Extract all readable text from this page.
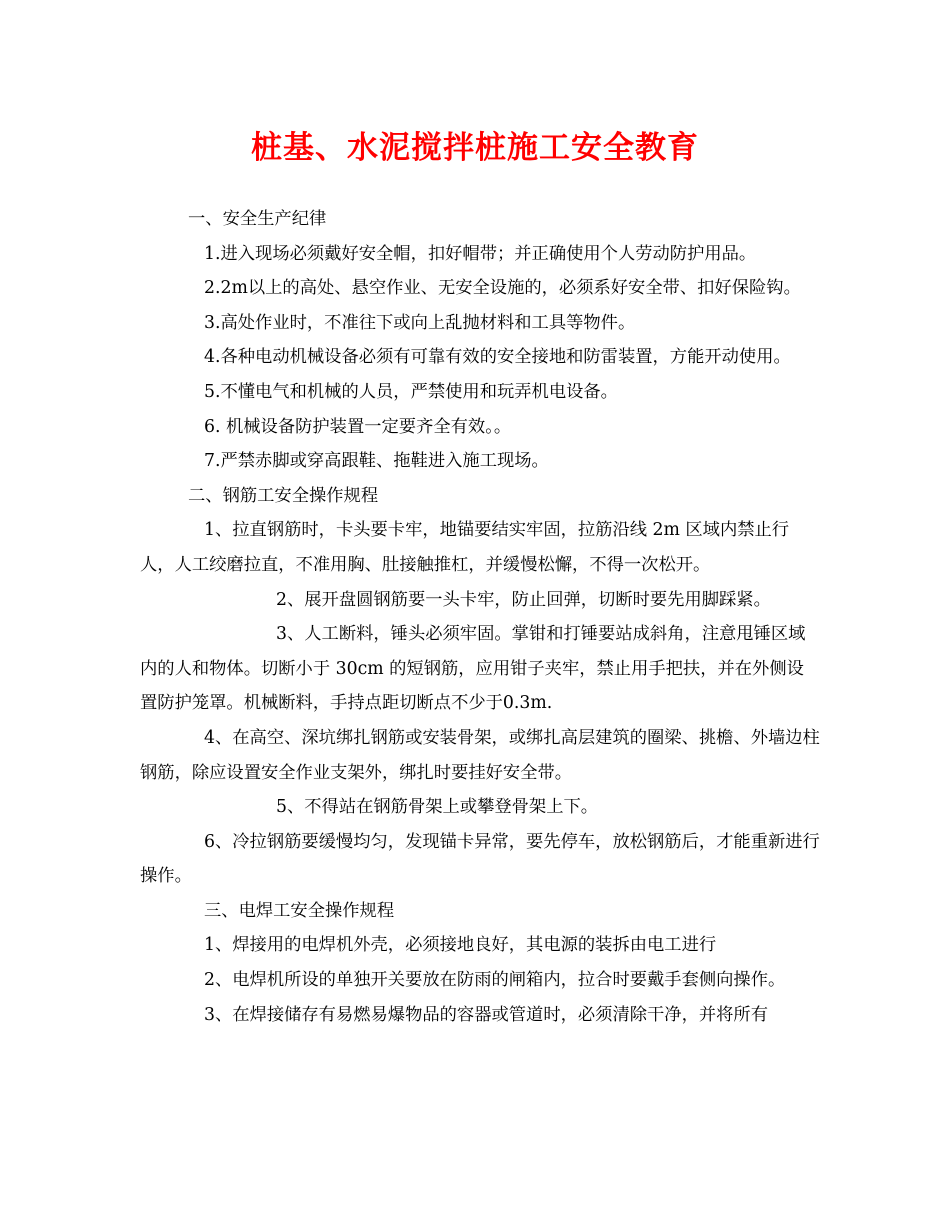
桩基、水泥搅拌桩施工安全教育

一、安全生产纪律

1.进入现场必须戴好安全帽，扣好帽带；并正确使用个人劳动防护用品。

2.2m以上的高处、悬空作业、无安全设施的，必须系好安全带、扣好保险钩。

3.高处作业时，不准往下或向上乱抛材料和工具等物件。

4.各种电动机械设备必须有可靠有效的安全接地和防雷装置，方能开动使用。

5.不懂电气和机械的人员，严禁使用和玩弄机电设备。

6. 机械设备防护装置一定要齐全有效。。

7.严禁赤脚或穿高跟鞋、拖鞋进入施工现场。

二、钢筋工安全操作规程

1、拉直钢筋时，卡头要卡牢，地锚要结实牢固，拉筋沿线 2m 区域内禁止行人，人工绞磨拉直，不准用胸、肚接触推杠，并缓慢松懈，不得一次松开。

2、展开盘圆钢筋要一头卡牢，防止回弹，切断时要先用脚踩紧。

3、人工断料，锤头必须牢固。掌钳和打锤要站成斜角，注意甩锤区域内的人和物体。切断小于 30cm 的短钢筋，应用钳子夹牢，禁止用手把扶，并在外侧设置防护笼罩。机械断料，手持点距切断点不少于0.3m.

4、在高空、深坑绑扎钢筋或安装骨架，或绑扎高层建筑的圈梁、挑檐、外墙边柱钢筋，除应设置安全作业支架外，绑扎时要挂好安全带。

5、不得站在钢筋骨架上或攀登骨架上下。

6、冷拉钢筋要缓慢均匀，发现锚卡异常，要先停车，放松钢筋后，才能重新进行操作。

三、电焊工安全操作规程

1、焊接用的电焊机外壳，必须接地良好，其电源的装拆由电工进行

2、电焊机所设的单独开关要放在防雨的闸箱内，拉合时要戴手套侧向操作。

3、在焊接储存有易燃易爆物品的容器或管道时，必须清除干净，并将所有
